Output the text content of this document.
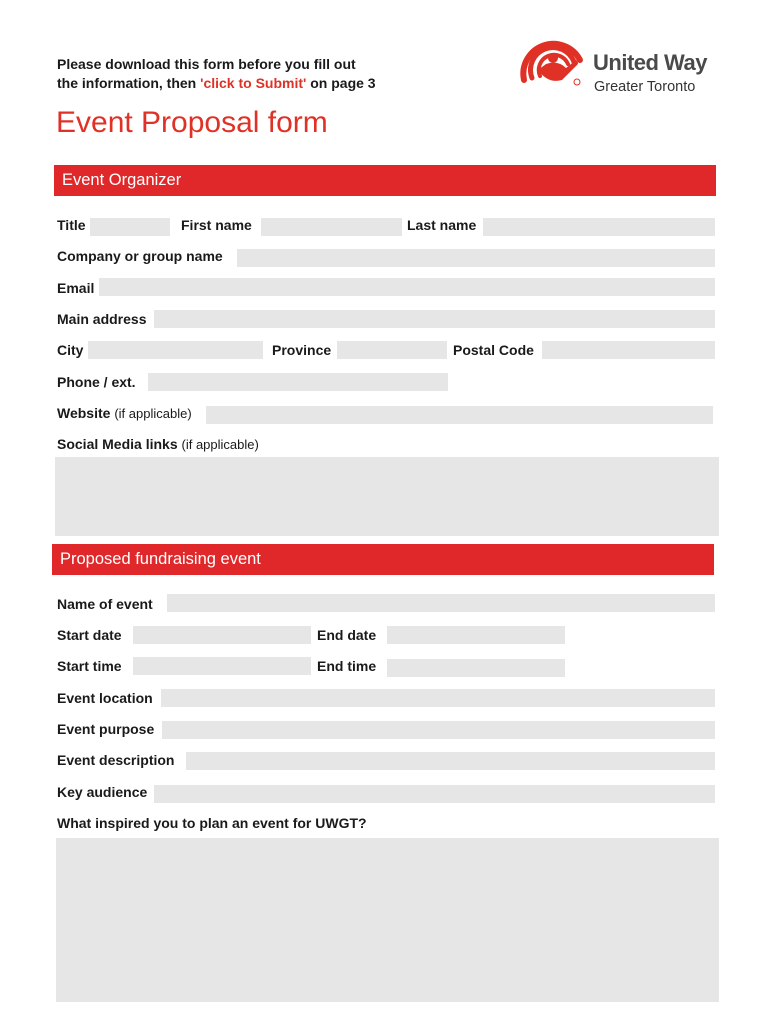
Please download this form before you fill out
the information, then 'click to Submit' on page 3
United Way
Greater Toronto
Event Proposal form
Event Organizer
Title	First name	Last name
Company or group name
Email
Main address
City	Province	Postal Code
Phone / ext.
Website (if applicable)
Social Media links (if applicable)
Proposed fundraising event
Name of event
Start date	End date
Start time	End time
Event location
Event purpose
Event description
Key audience
What inspired you to plan an event for UWGT?
